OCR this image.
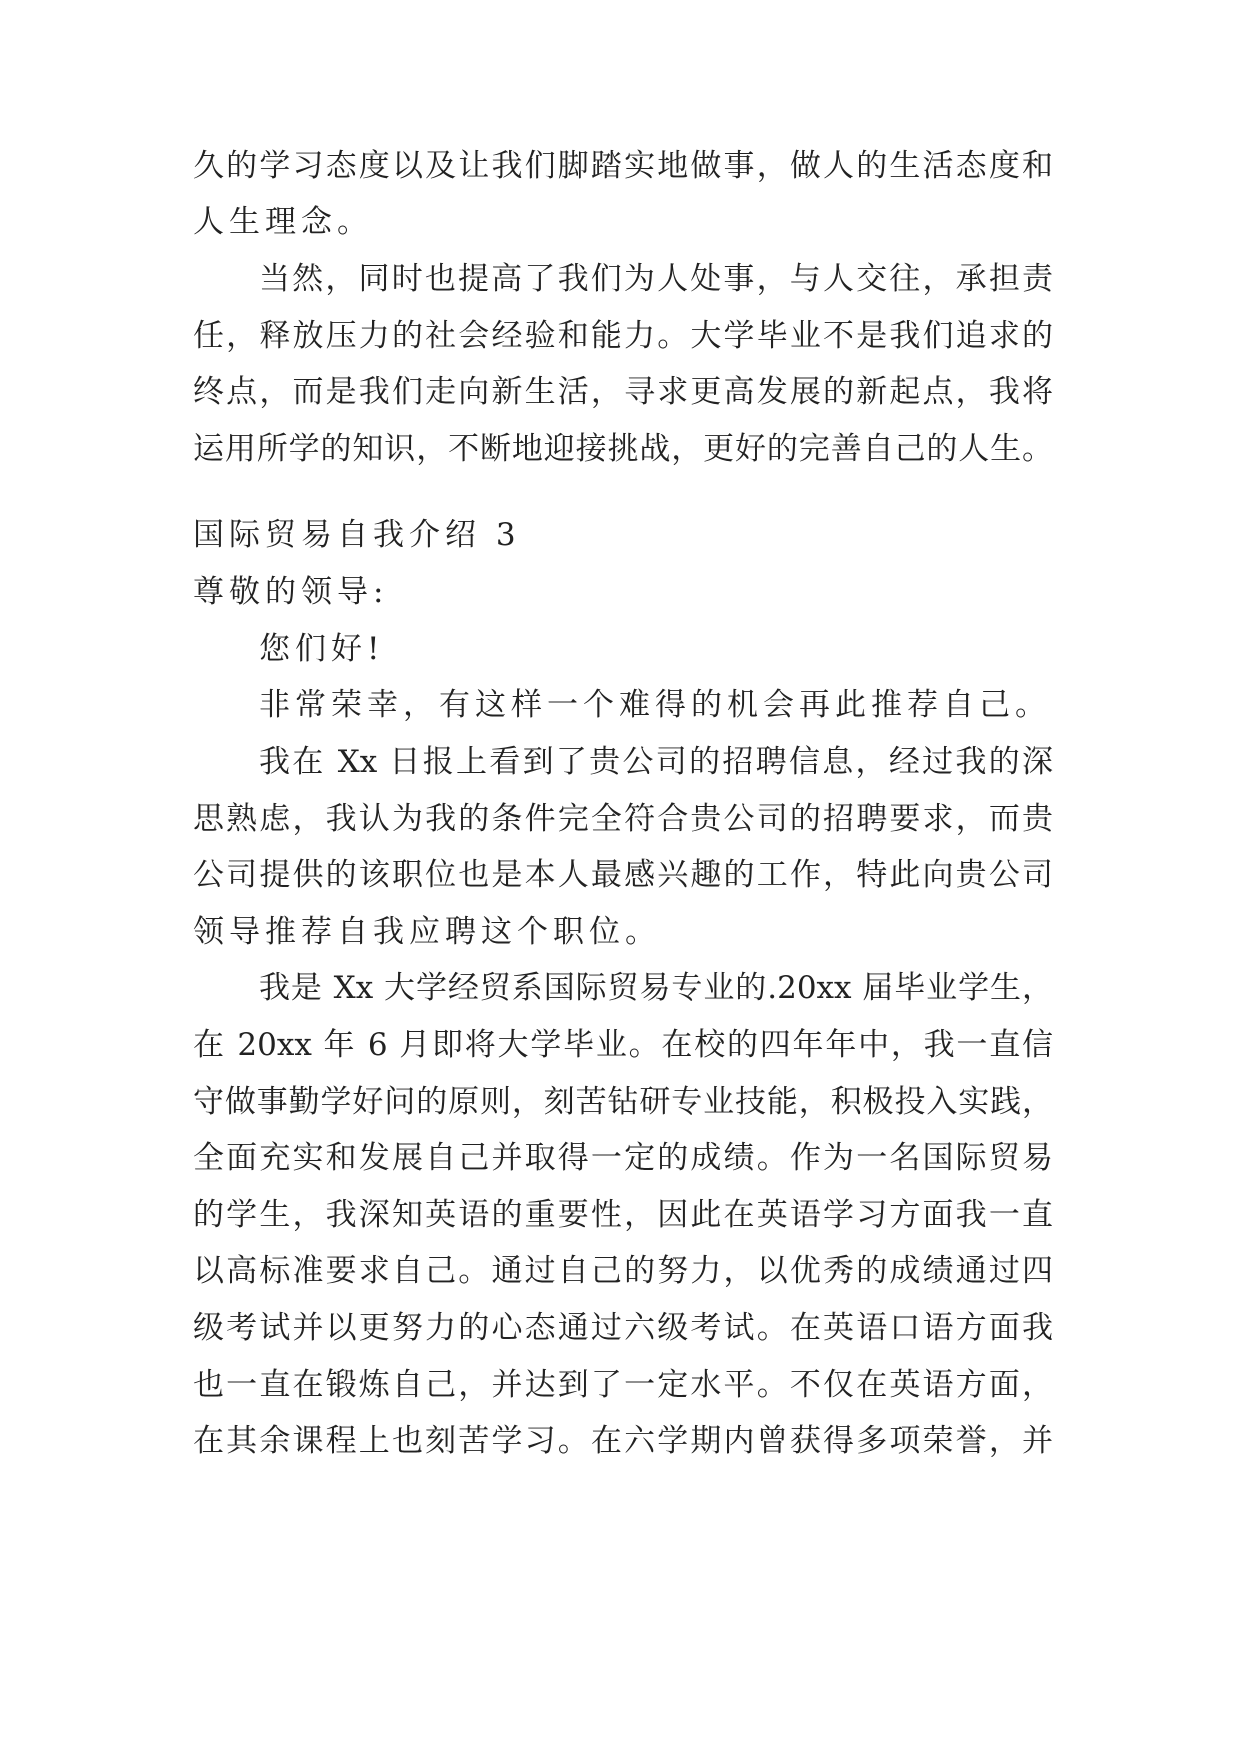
久的学习态度以及让我们脚踏实地做事，做人的生活态度和
人生理念。
当然，同时也提高了我们为人处事，与人交往，承担责
任，释放压力的社会经验和能力。大学毕业不是我们追求的
终点，而是我们走向新生活，寻求更高发展的新起点，我将
运用所学的知识，不断地迎接挑战，更好的完善自己的人生。
国际贸易自我介绍 3
尊敬的领导:
您们好!
非常荣幸，有这样一个难得的机会再此推荐自己。
我在 Xx 日报上看到了贵公司的招聘信息，经过我的深
思熟虑，我认为我的条件完全符合贵公司的招聘要求，而贵
公司提供的该职位也是本人最感兴趣的工作，特此向贵公司
领导推荐自我应聘这个职位。
我是 Xx 大学经贸系国际贸易专业的.20xx 届毕业学生，
在 20xx 年 6 月即将大学毕业。在校的四年年中，我一直信
守做事勤学好问的原则，刻苦钻研专业技能，积极投入实践，
全面充实和发展自己并取得一定的成绩。作为一名国际贸易
的学生，我深知英语的重要性，因此在英语学习方面我一直
以高标准要求自己。通过自己的努力，以优秀的成绩通过四
级考试并以更努力的心态通过六级考试。在英语口语方面我
也一直在锻炼自己，并达到了一定水平。不仅在英语方面，
在其余课程上也刻苦学习。在六学期内曾获得多项荣誉，并
